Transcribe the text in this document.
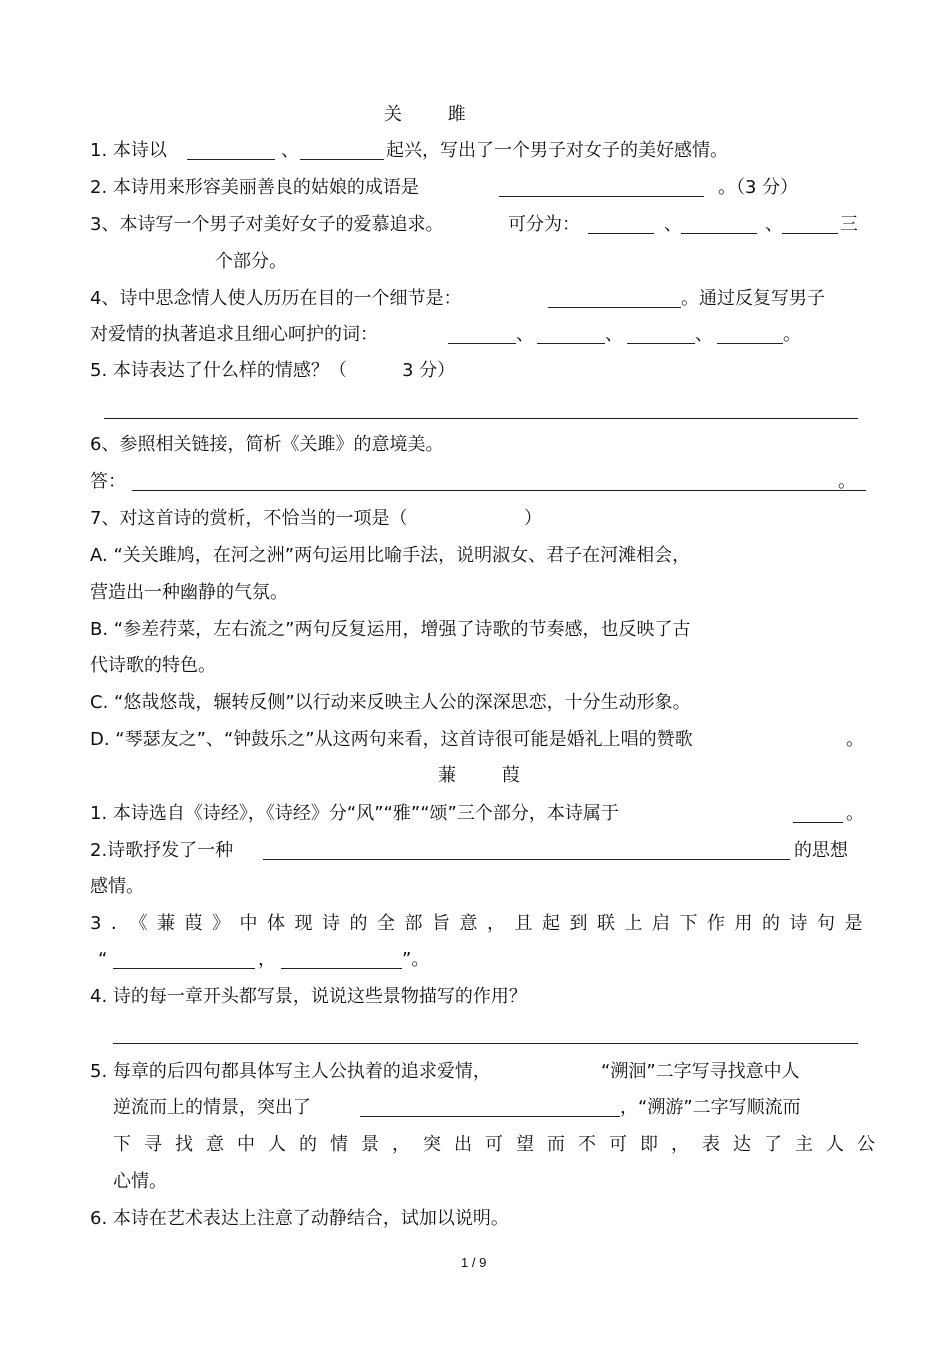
关 雎
1. 本诗以	、	起兴，写出了一个男子对女子的美好感情。
2. 本诗用来形容美丽善良的姑娘的成语是	。（3 分）
3、本诗写一个男子对美好女子的爱慕追求。	可分为：	、	、	三
个部分。
4、诗中思念情人使人历历在目的一个细节是：	。通过反复写男子
对爱情的执著追求且细心呵护的词：	、	、	、	。
5. 本诗表达了什么样的情感？（	3 分）
6、参照相关链接，简析《关雎》的意境美。
答：	。
7、对这首诗的赏析，不恰当的一项是（	）
A. “关关雎鸠，在河之洲”两句运用比喻手法，说明淑女、君子在河滩相会，
营造出一种幽静的气氛。
B. “参差荇菜，左右流之”两句反复运用，增强了诗歌的节奏感，也反映了古
代诗歌的特色。
C. “悠哉悠哉，辗转反侧”以行动来反映主人公的深深思恋，十分生动形象。
D. “琴瑟友之”、“钟鼓乐之”从这两句来看，这首诗很可能是婚礼上唱的赞歌	。
蒹 葭
1. 本诗选自《诗经》，《诗经》分“风”“雅”“颂”三个部分，本诗属于	。
2.诗歌抒发了一种	的思想
感情。
3．《蒹葭》中体现诗的全部旨意，且起到联上启下作用的诗句是
“	，	”。
4. 诗的每一章开头都写景，说说这些景物描写的作用？
5. 每章的后四句都具体写主人公执着的追求爱情，	“溯洄”二字写寻找意中人
逆流而上的情景，突出了	，“溯游”二字写顺流而
下寻找意中人的情景，突出可望而不可即，表达了主人公
心情。
6. 本诗在艺术表达上注意了动静结合，试加以说明。
1 / 9
